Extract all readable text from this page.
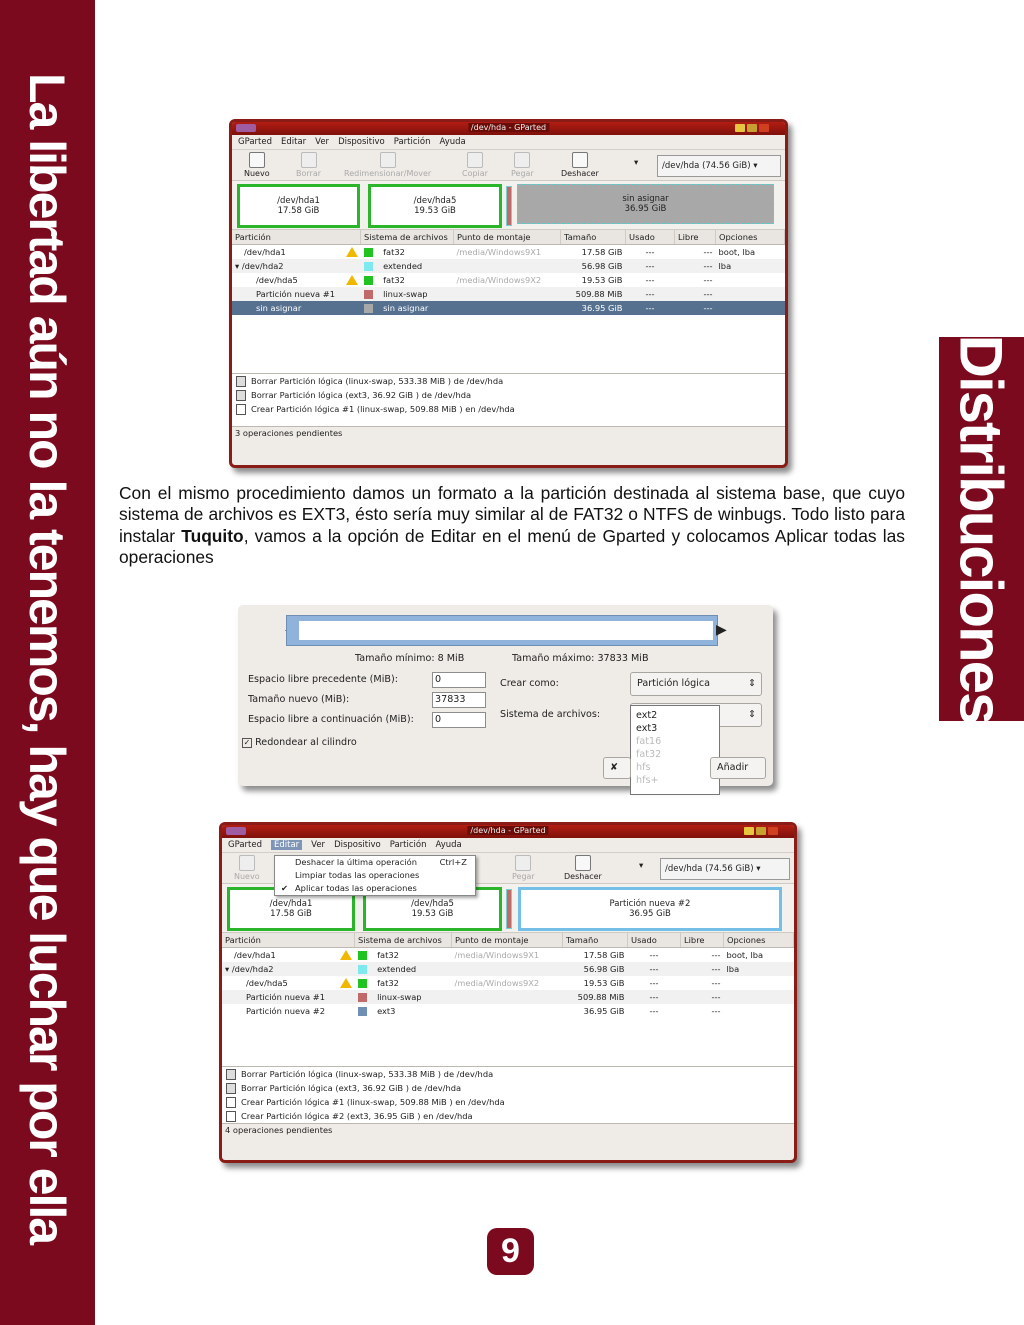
La libertad aún no la tenemos, hay que luchar por ella	Distribuciones
/dev/hda - GParted
GParted Editar Ver Dispositivo Partición Ayuda
Nuevo	Borrar	Redimensionar/Mover	Copiar	Pegar	Deshacer
▾	/dev/hda (74.56 GiB) ▾
/dev/hda1
17.58 GiB
/dev/hda5
19.53 GiB
sin asignar
36.95 GiB
Partición	Sistema de archivos	Punto de montaje	Tamaño	Usado	Libre	Opciones
/dev/hda1	fat32	/media/Windows9X1	17.58 GiB	---	---	boot, lba
▾ /dev/hda2	extended		56.98 GiB	---	---	lba
/dev/hda5	fat32	/media/Windows9X2	19.53 GiB	---	---	
Partición nueva #1	linux-swap		509.88 MiB	---	---	
sin asignar	sin asignar		36.95 GiB	---	---	

Borrar Partición lógica (linux-swap, 533.38 MiB ) de /dev/hda
Borrar Partición lógica (ext3, 36.92 GiB ) de /dev/hda
Crear Partición lógica #1 (linux-swap, 509.88 MiB ) en /dev/hda
3 operaciones pendientes
Con el mismo procedimiento damos un formato a la partición destinada al sistema base, que cuyo sistema de archivos es EXT3, ésto sería muy similar al de FAT32 o NTFS de winbugs. Todo listo para instalar Tuquito, vamos a la opción de Editar en el menú de Gparted y colocamos Aplicar todas las operaciones
▶
Tamaño mínimo: 8 MiB	Tamaño máximo: 37833 MiB
Espacio libre precedente (MiB):	0
Tamaño nuevo (MiB):	37833
Espacio libre a continuación (MiB):	0
✓ Redondear al cilindro
Crear como:	Partición lógica	⇕
Sistema de archivos:	⇕
ext2
ext3
fat16
fat32
hfs
hfs+
✘	Añadir
/dev/hda - GParted
GParted Editar Ver Dispositivo Partición Ayuda
Nuevo	Pegar	Deshacer
▾	/dev/hda (74.56 GiB) ▾
/dev/hda1
17.58 GiB
/dev/hda5
19.53 GiB
Partición nueva #2
36.95 GiB
Partición	Sistema de archivos	Punto de montaje	Tamaño	Usado	Libre	Opciones
/dev/hda1	fat32	/media/Windows9X1	17.58 GiB	---	---	boot, lba
▾ /dev/hda2	extended		56.98 GiB	---	---	lba
/dev/hda5	fat32	/media/Windows9X2	19.53 GiB	---	---	
Partición nueva #1	linux-swap		509.88 MiB	---	---	
Partición nueva #2	ext3		36.95 GiB	---	---	

Borrar Partición lógica (linux-swap, 533.38 MiB ) de /dev/hda
Borrar Partición lógica (ext3, 36.92 GiB ) de /dev/hda
Crear Partición lógica #1 (linux-swap, 509.88 MiB ) en /dev/hda
Crear Partición lógica #2 (ext3, 36.95 GiB ) en /dev/hda
4 operaciones pendientes
Deshacer la última operación	Ctrl+Z
Limpiar todas las operaciones
✔ Aplicar todas las operaciones
9
